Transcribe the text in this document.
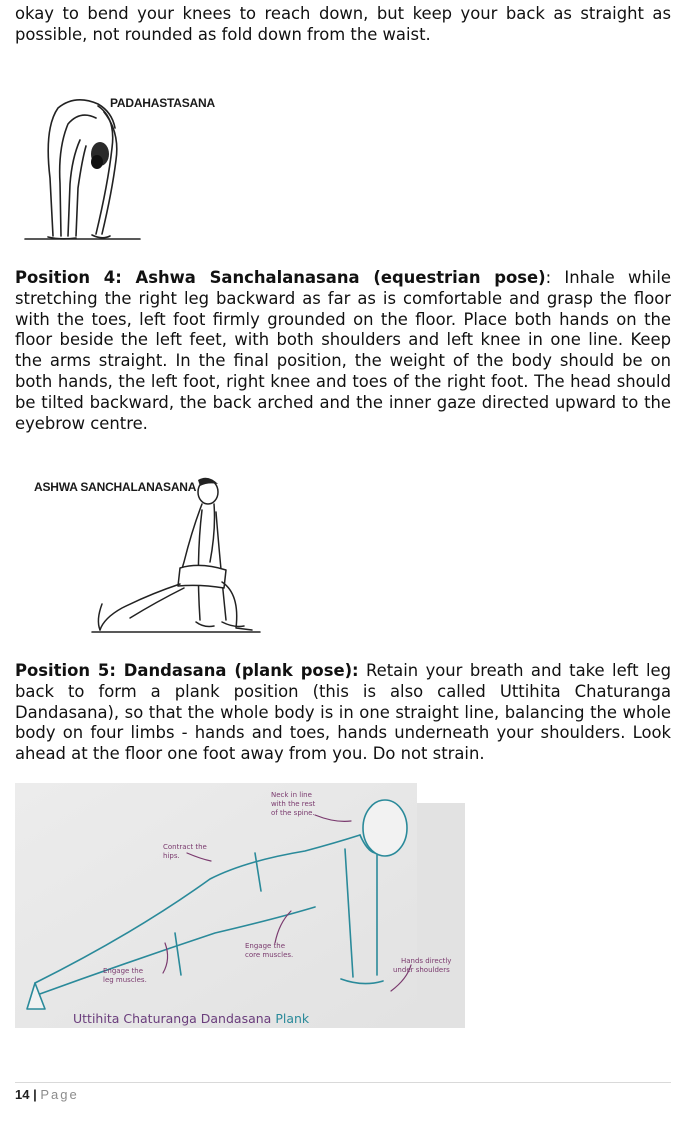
okay to bend your knees to reach down, but keep your back as straight as possible, not rounded as fold down from the waist.

PADAHASTASANA

Position 4: Ashwa Sanchalanasana (equestrian pose): Inhale while stretching the right leg backward as far as is comfortable and grasp the floor with the toes, left foot firmly grounded on the floor. Place both hands on the floor beside the left feet, with both shoulders and left knee in one line. Keep the arms straight. In the final position, the weight of the body should be on both hands, the left foot, right knee and toes of the right foot. The head should be tilted backward, the back arched and the inner gaze directed upward to the eyebrow centre.

ASHWA SANCHALANASANA

Position 5: Dandasana (plank pose): Retain your breath and take left leg back to form a plank position (this is also called Uttihita Chaturanga Dandasana), so that the whole body is in one straight line, balancing the whole body on four limbs - hands and toes, hands underneath your shoulders. Look ahead at the floor one foot away from you. Do not strain.

Neck in line
with the rest
of the spine.
Contract the
hips.
Engage the
core muscles.
Hands directly
under shoulders
Engage the
leg muscles.
Uttihita Chaturanga Dandasana Plank
14 | Page
